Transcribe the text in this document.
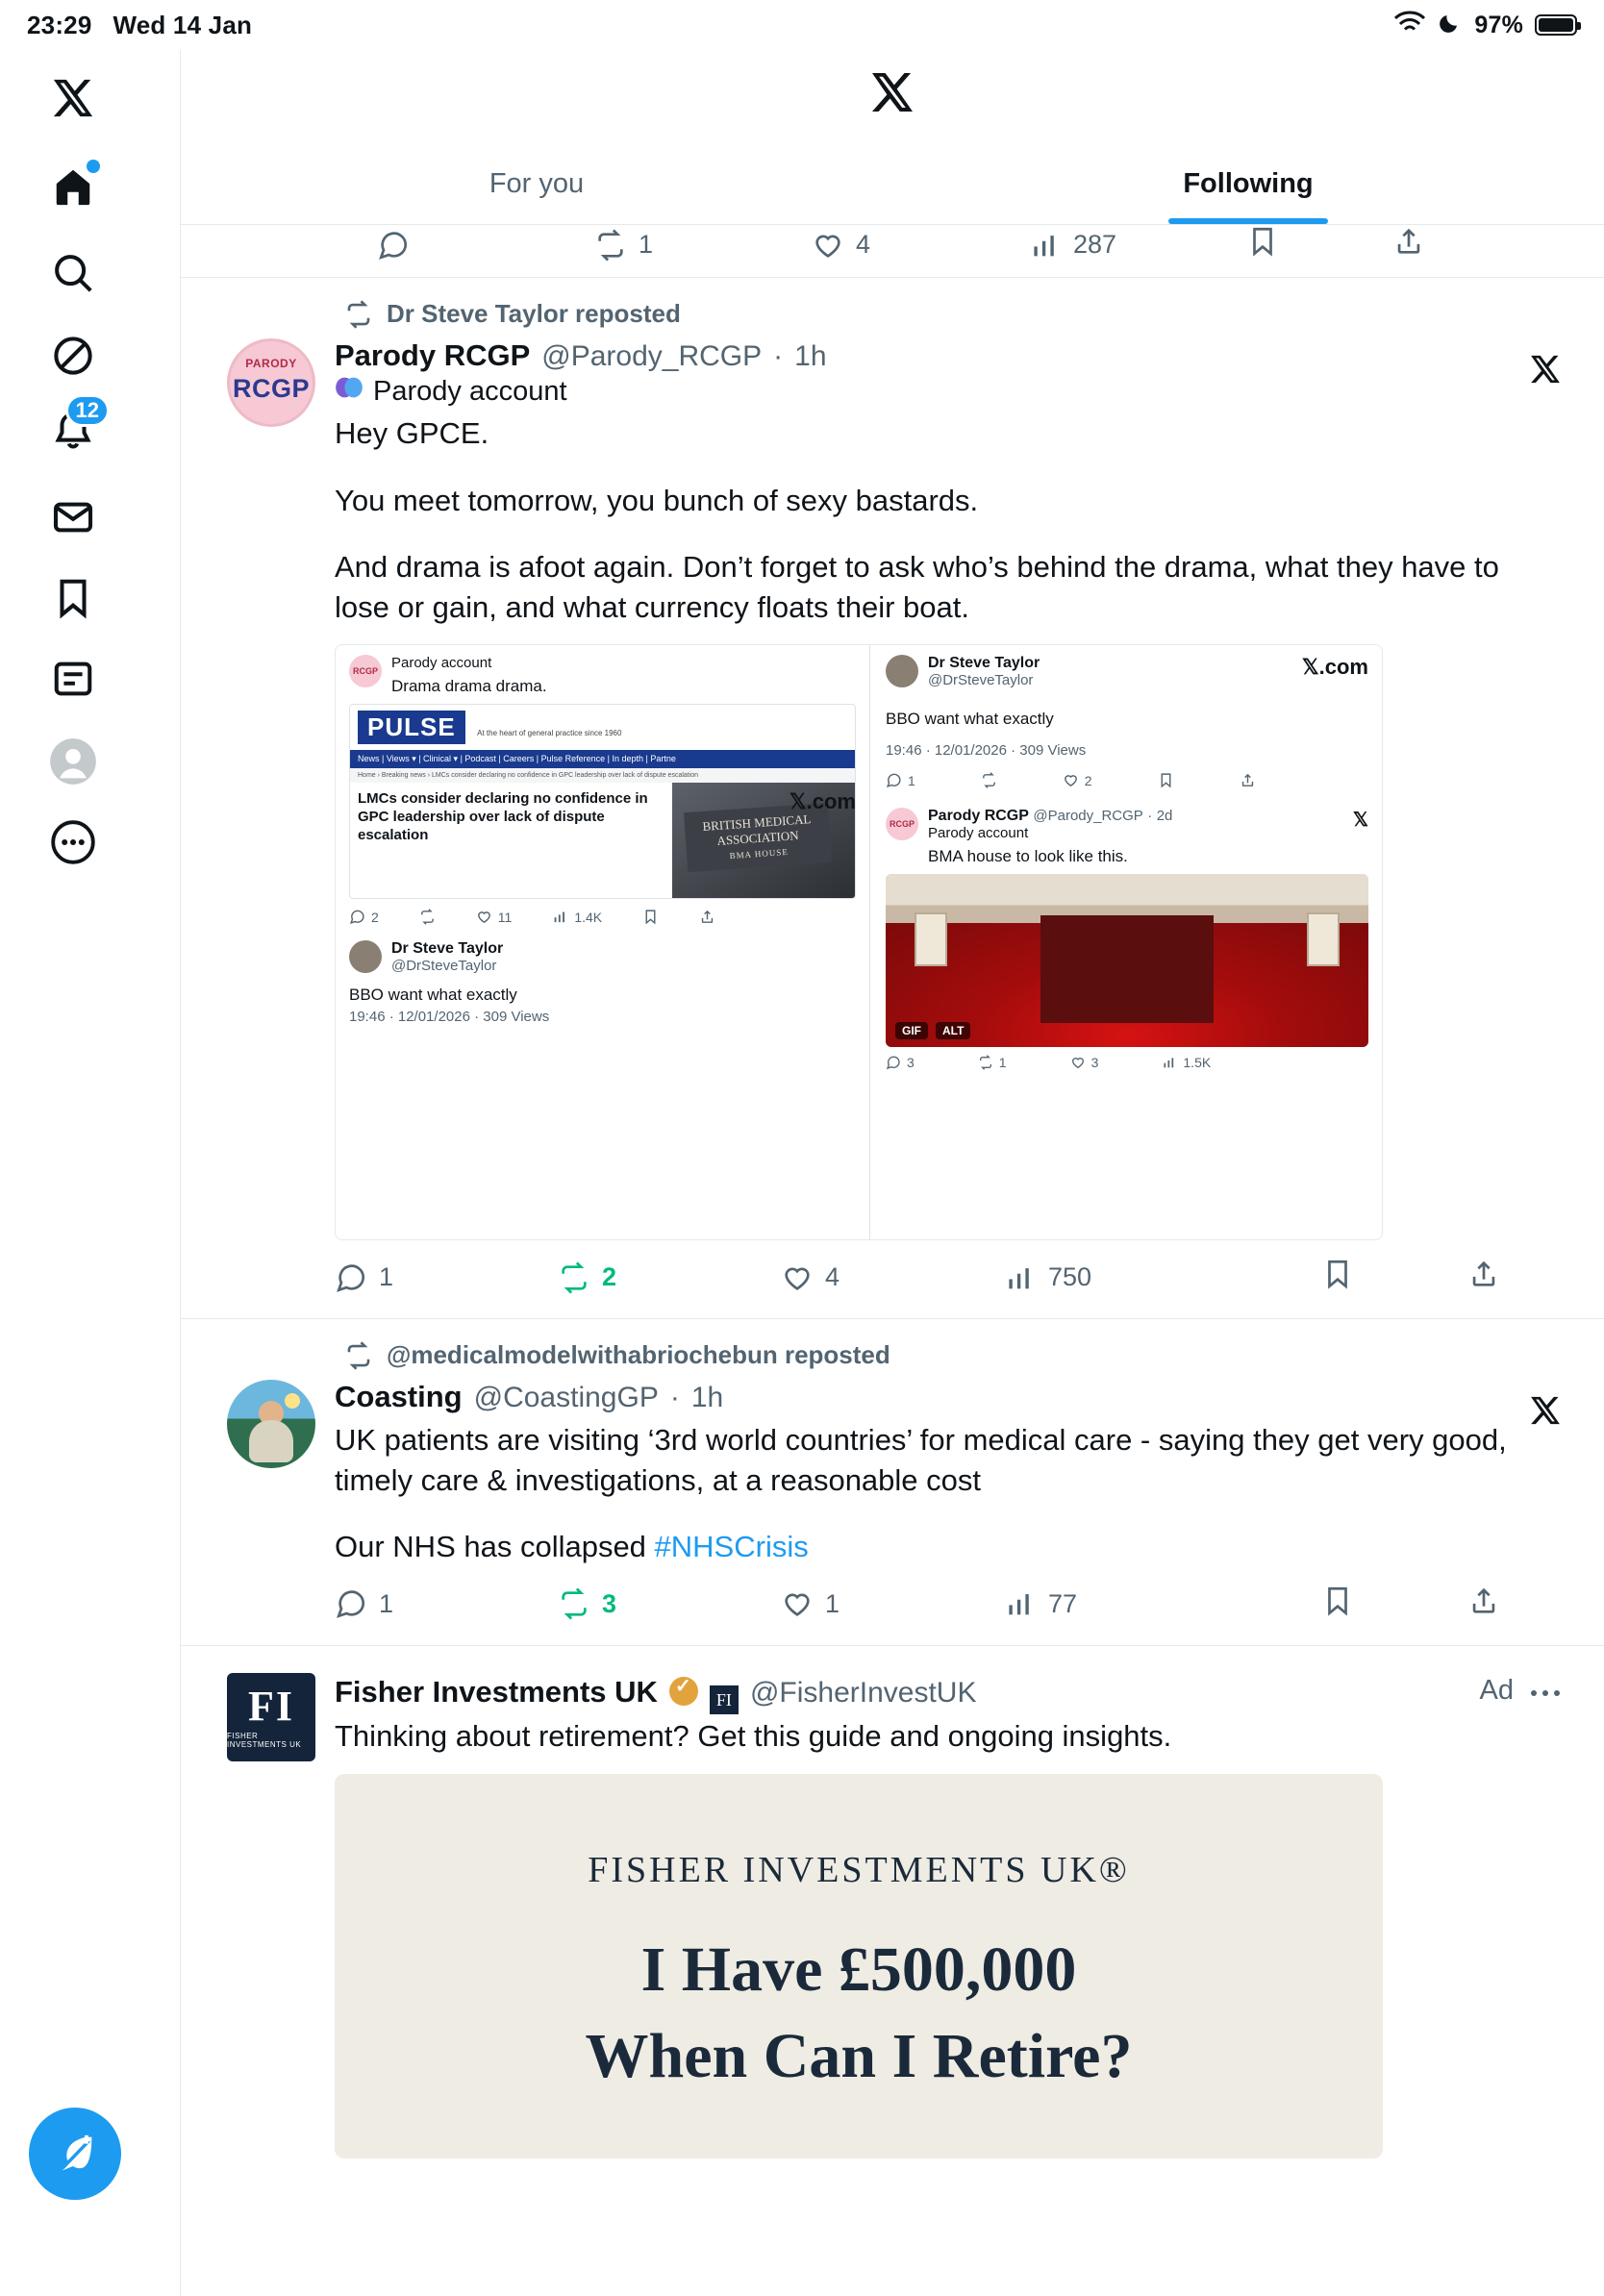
23:29 Wed 14 Jan	97%
12
For you	Following
1	4	287
Dr Steve Taylor reposted
PARODY
RCGP
Parody RCGP @Parody_RCGP · 1h
Parody account

Hey GPCE.

You meet tomorrow, you bunch of sexy bastards.

And drama is afoot again. Don’t forget to ask who’s behind the drama, what they have to lose or gain, and what currency floats their boat.

RCGP Parody account
Drama drama drama.
PULSE	At the heart of general practice since 1960
News | Views ▾ | Clinical ▾ | Podcast | Careers | Pulse Reference | In depth | Partne
Home › Breaking news › LMCs consider declaring no confidence in GPC leadership over lack of dispute escalation
LMCs consider declaring no confidence in GPC leadership over lack of dispute escalation
BRITISH MEDICAL ASSOCIATION
BMA HOUSE
2	11	1.4K
Dr Steve Taylor
@DrSteveTaylor
𝕏.com
BBO want what exactly
19:46 · 12/01/2026 · 309 Views
Dr Steve Taylor
@DrSteveTaylor
𝕏.com
BBO want what exactly
19:46 · 12/01/2026 · 309 Views
1	2
RCGP Parody RCGP @Parody_RCGP · 2d
Parody account
BMA house to look like this.
𝕏
GIF	ALT
3	1	3	1.5K
1	2	4	750
@medicalmodelwithabriochebun reposted
Coasting @CoastingGP · 1h

UK patients are visiting ‘3rd world countries’ for medical care - saying they get very good, timely care & investigations, at a reasonable cost

Our NHS has collapsed #NHSCrisis

1	3	1	77
FI
FISHER INVESTMENTS UK
Fisher Investments UK ✓	FI @FisherInvestUK

Thinking about retirement? Get this guide and ongoing insights.

FISHER INVESTMENTS UK®
I Have £500,000
When Can I Retire?
Ad
